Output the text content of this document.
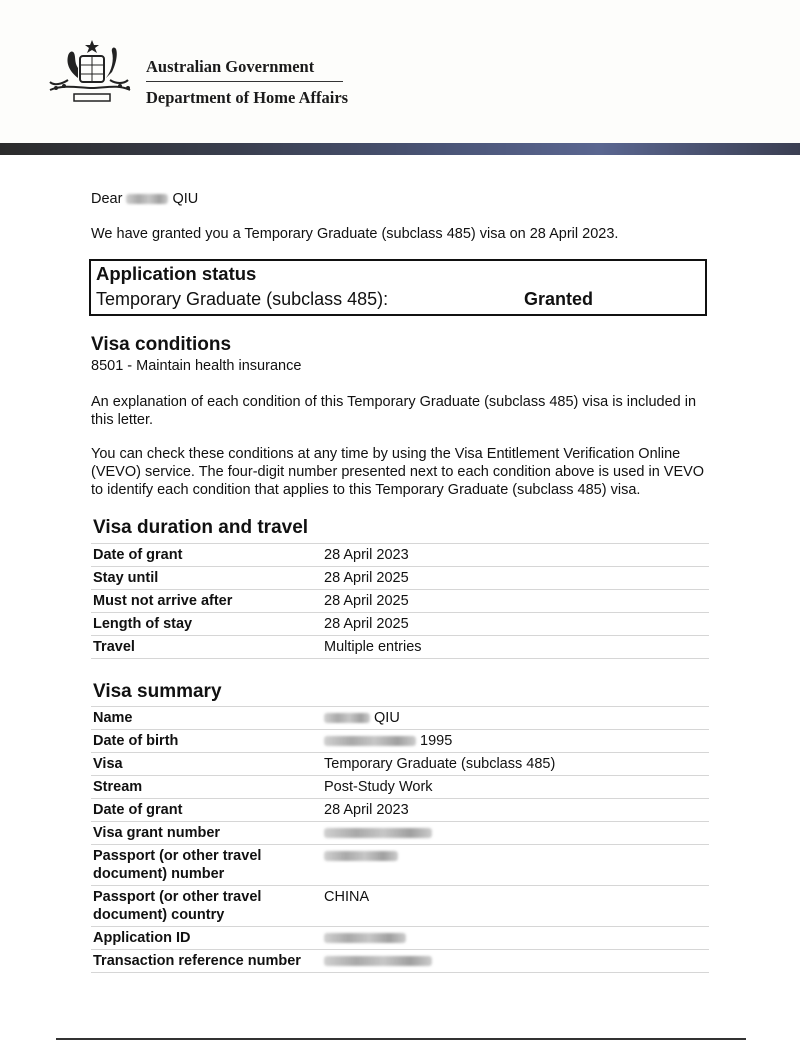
Australian Government
Department of Home Affairs
Dear	QIU
We have granted you a Temporary Graduate (subclass 485) visa on 28 April 2023.
Application status
Temporary Graduate (subclass 485):	Granted
Visa conditions
8501 - Maintain health insurance
An explanation of each condition of this Temporary Graduate (subclass 485) visa is included in this letter.
You can check these conditions at any time by using the Visa Entitlement Verification Online (VEVO) service. The four-digit number presented next to each condition above is used in VEVO to identify each condition that applies to this Temporary Graduate (subclass 485) visa.
Visa duration and travel
Date of grant	28 April 2023
Stay until	28 April 2025
Must not arrive after	28 April 2025
Length of stay	28 April 2025
Travel	Multiple entries
Visa summary
Name	QIU
Date of birth	1995
Visa	Temporary Graduate (subclass 485)
Stream	Post-Study Work
Date of grant	28 April 2023
Visa grant number	
Passport (or other travel document) number	
Passport (or other travel document) country	CHINA
Application ID	
Transaction reference number	
